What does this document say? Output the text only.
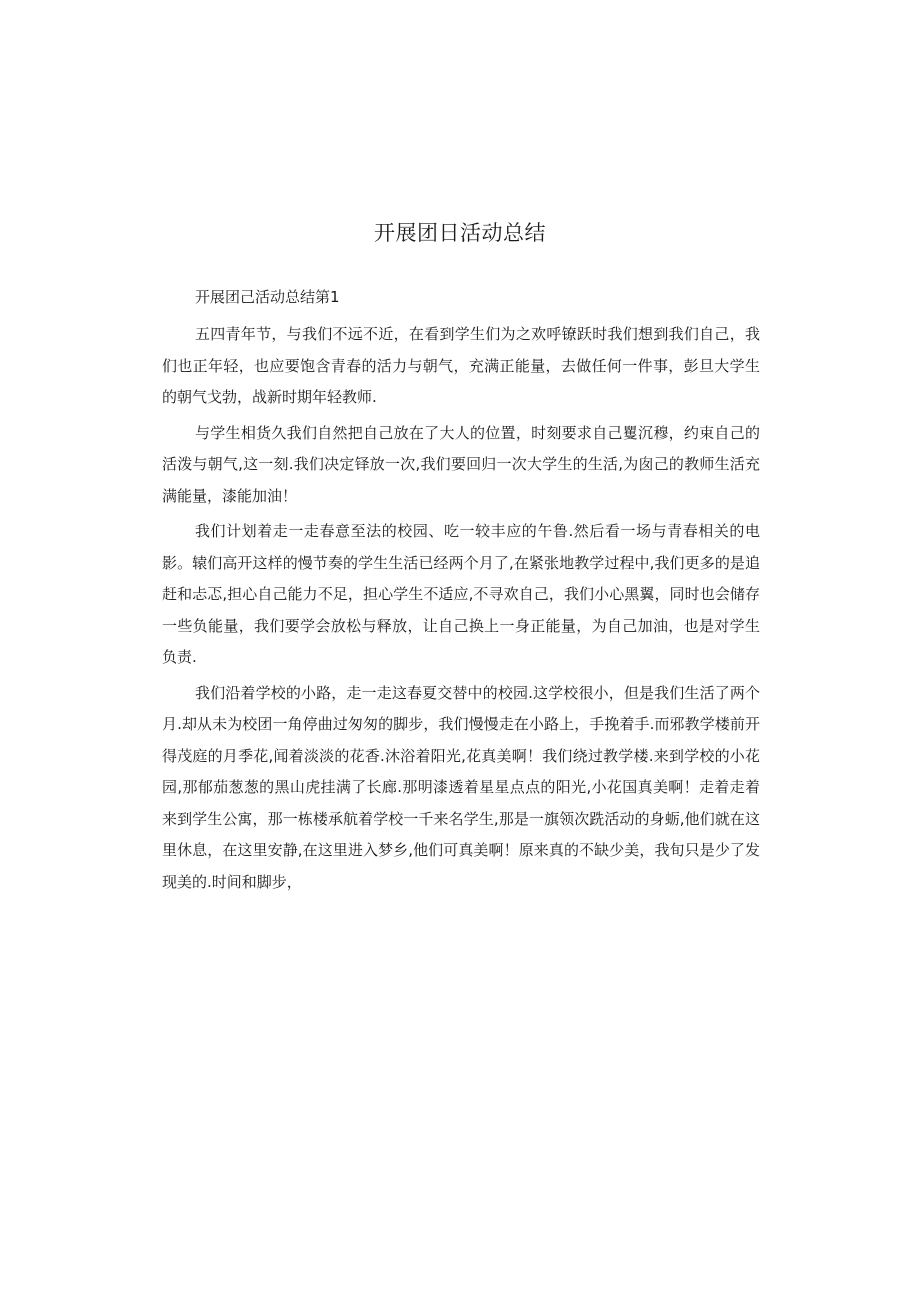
开展团日活动总结

开展团己活动总结第1

五四青年节，与我们不远不近，在看到学生们为之欢呼镣跃时我们想到我们自己，我们也正年轻，也应要饱含青春的活力与朝气，充满正能量，去做任何一件事，彭旦大学生的朝气戈勃，战新时期年轻教师.

与学生相货久我们自然把自己放在了大人的位置，时刻要求自己矍沉穆，约束自己的活泼与朝气,这一刻.我们决定铎放一次,我们要回归一次大学生的生活,为囱己的教师生活充满能量，漆能加油！

我们计划着走一走春意至法的校园、吃一较丰应的午鲁.然后看一场与青春相关的电影。辕们高开这样的慢节奏的学生生活已经两个月了,在紧张地教学过程中,我们更多的是追赶和忐忑,担心自己能力不足，担心学生不适应,不寻欢自己，我们小心黑翼，同时也会储存一些负能量，我们要学会放松与释放，让自己换上一身正能量，为自己加油，也是对学生负责.

我们沿着学校的小路，走一走这春夏交替中的校园.这学校很小，但是我们生活了两个月.却从未为校团一角停曲过匆匆的脚步，我们慢慢走在小路上，手挽着手.而邪教学楼前开得茂庭的月季花,闻着淡淡的花香.沐浴着阳光,花真美啊！我们绕过教学楼.来到学校的小花园,那郁茄葱葱的黑山虎挂满了长廊.那明漆透着星星点点的阳光,小花国真美啊！走着走着来到学生公寓，那一栋楼承航着学校一千来名学生,那是一旗领次跣活动的身蛎,他们就在这里休息，在这里安静,在这里进入梦乡,他们可真美啊！原来真的不缺少美，我旬只是少了发现美的.时间和脚步，
